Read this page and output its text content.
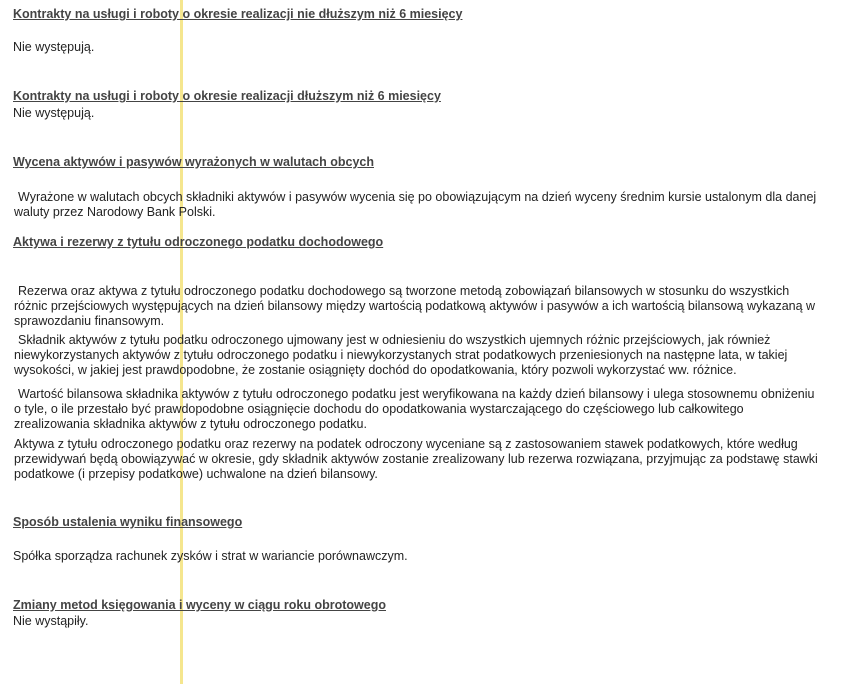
Kontrakty na usługi i roboty o okresie realizacji nie dłuższym niż 6 miesięcy

Nie występują.

Kontrakty na usługi i roboty o okresie realizacji dłuższym niż 6 miesięcy

Nie występują.

Wycena aktywów i pasywów wyrażonych w walutach obcych

Wyrażone w walutach obcych składniki aktywów i pasywów wycenia się po obowiązującym na dzień wyceny średnim kursie ustalonym dla danej waluty przez Narodowy Bank Polski.

Aktywa i rezerwy z tytułu odroczonego podatku dochodowego

Rezerwa oraz aktywa z tytułu odroczonego podatku dochodowego są tworzone metodą zobowiązań bilansowych w stosunku do wszystkich różnic przejściowych występujących na dzień bilansowy między wartością podatkową aktywów i pasywów a ich wartością bilansową wykazaną w sprawozdaniu finansowym.

Składnik aktywów z tytułu podatku odroczonego ujmowany jest w odniesieniu do wszystkich ujemnych różnic przejściowych, jak również niewykorzystanych aktywów z tytułu odroczonego podatku i niewykorzystanych strat podatkowych przeniesionych na następne lata, w takiej wysokości, w jakiej jest prawdopodobne, że zostanie osiągnięty dochód do opodatkowania, który pozwoli wykorzystać ww. różnice.

Wartość bilansowa składnika aktywów z tytułu odroczonego podatku jest weryfikowana na każdy dzień bilansowy i ulega stosownemu obniżeniu o tyle, o ile przestało być prawdopodobne osiągnięcie dochodu do opodatkowania wystarczającego do częściowego lub całkowitego zrealizowania składnika aktywów z tytułu odroczonego podatku.

Aktywa z tytułu odroczonego podatku oraz rezerwy na podatek odroczony wyceniane są z zastosowaniem stawek podatkowych, które według przewidywań będą obowiązywać w okresie, gdy składnik aktywów zostanie zrealizowany lub rezerwa rozwiązana, przyjmując za podstawę stawki podatkowe (i przepisy podatkowe) uchwalone na dzień bilansowy.

Sposób ustalenia wyniku finansowego

Spółka sporządza rachunek zysków i strat w wariancie porównawczym.

Zmiany metod księgowania i wyceny w ciągu roku obrotowego

Nie wystąpiły.
